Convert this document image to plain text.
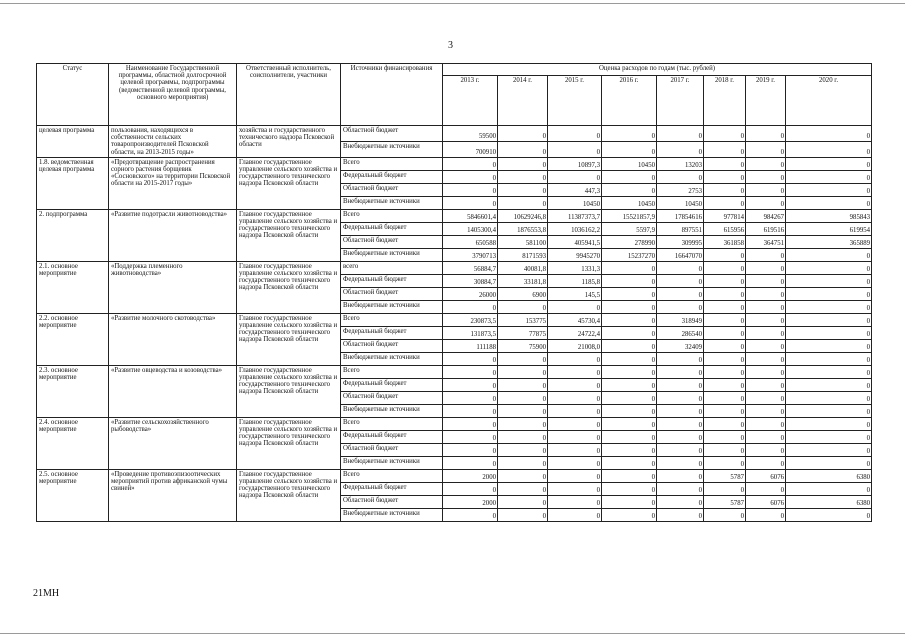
3
Статус	Наименование Государственной программы, областной долгосрочной целевой программы, подпрограммы (ведомственной целевой программы, основного мероприятия)	Ответственный исполнитель, соисполнители, участники	Источники финансирования	Оценка расходов по годам (тыс. рублей)							
				2013 г.	2014 г.	2015 г.	2016 г.	2017 г.	2018 г.	2019 г.	2020 г.
целевая программа	пользования, находящихся в собственности сельских товаропроизводителей Псковской области, на 2013-2015 годы»	хозяйства и государственного технического надзора Псковской области	Областной бюджет	59500	0	0	0	0	0	0	0
			Внебюджетные источники	700910	0	0	0	0	0	0	0
1.8. ведомственная целевая программа	«Предотвращение распространения сорного растения борщевик «Сосновского» на территории Псковской области на 2015-2017 годы»	Главное государственное управление сельского хозяйства и государственного технического надзора Псковской области	Всего	0	0	10897,3	10450	13203	0	0	0
			Федеральный бюджет	0	0	0	0	0	0	0	0
			Областной бюджет	0	0	447,3	0	2753	0	0	0
			Внебюджетные источники	0	0	10450	10450	10450	0	0	0
2. подпрограмма	«Развитие подотрасли животноводства»	Главное государственное управление сельского хозяйства и государственного технического надзора Псковской области	Всего	5846601,4	10629246,8	11387373,7	15521857,9	17854616	977814	984267	985843
			Федеральный бюджет	1405300,4	1876553,8	1036162,2	5597,9	897551	615956	619516	619954
			Областной бюджет	650588	581100	405941,5	278990	309995	361858	364751	365889
			Внебюджетные источники	3790713	8171593	9945270	15237270	16647070	0	0	0
2.1. основное мероприятие	«Поддержка племенного животноводства»	Главное государственное управление сельского хозяйства и государственного технического надзора Псковской области	всего	56884,7	40081,8	1331,3	0	0	0	0	0
			Федеральный бюджет	30884,7	33181,8	1185,8	0	0	0	0	0
			Областной бюджет	26000	6900	145,5	0	0	0	0	0
			Внебюджетные источники	0	0	0	0	0	0	0	0
2.2. основное мероприятие	«Развитие молочного скотоводства»	Главное государственное управление сельского хозяйства и государственного технического надзора Псковской области	Всего	230873,5	153775	45730,4	0	318949	0	0	0
			Федеральный бюджет	131873,5	77875	24722,4	0	286540	0	0	0
			Областной бюджет	111188	75900	21008,0	0	32409	0	0	0
			Внебюджетные источники	0	0	0	0	0	0	0	0
2.3. основное мероприятие	«Развитие овцеводства и козоводства»	Главное государственное управление сельского хозяйства и государственного технического надзора Псковской области	Всего	0	0	0	0	0	0	0	0
			Федеральный бюджет	0	0	0	0	0	0	0	0
			Областной бюджет	0	0	0	0	0	0	0	0
			Внебюджетные источники	0	0	0	0	0	0	0	0
2.4. основное мероприятие	«Развитие сельскохозяйственного рыбоводства»	Главное государственное управление сельского хозяйства и государственного технического надзора Псковской области	Всего	0	0	0	0	0	0	0	0
			Федеральный бюджет	0	0	0	0	0	0	0	0
			Областной бюджет	0	0	0	0	0	0	0	0
			Внебюджетные источники	0	0	0	0	0	0	0	0
2.5. основное мероприятие	«Проведение противоэпизоотических мероприятий против африканской чумы свиней»	Главное государственное управление сельского хозяйства и государственного технического надзора Псковской области	Всего	2000	0	0	0	0	5787	6076	6380
			Федеральный бюджет	0	0	0	0	0	0	0	0
			Областной бюджет	2000	0	0	0	0	5787	6076	6380
			Внебюджетные источники	0	0	0	0	0	0	0	0
21МН
